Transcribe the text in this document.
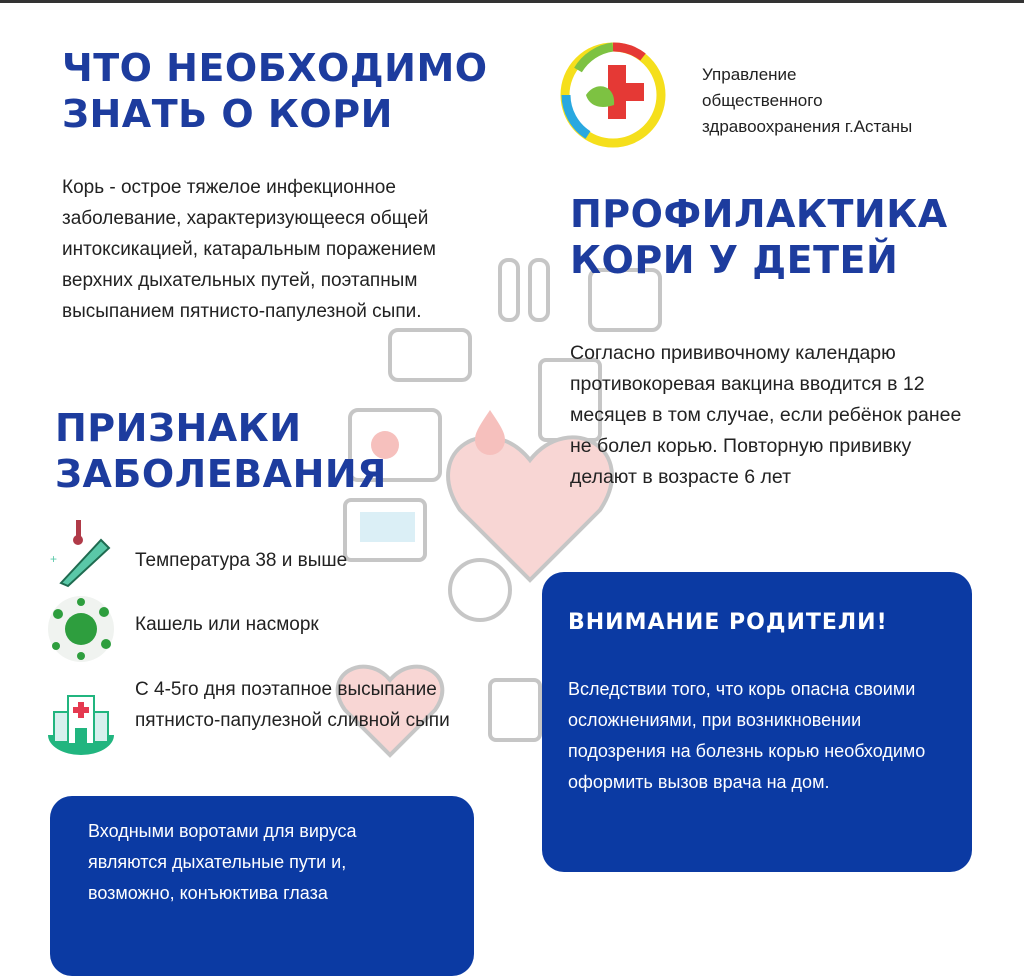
ЧТО НЕОБХОДИМО
ЗНАТЬ О КОРИ
Корь - острое тяжелое инфекционное заболевание, характеризующееся общей интоксикацией, катаральным поражением верхних дыхательных путей, поэтапным высыпанием пятнисто-папулезной сыпи.
Управление
общественного
здравоохранения г.Астаны
ПРОФИЛАКТИКА
КОРИ У ДЕТЕЙ
Согласно прививочному календарю противокоревая вакцина вводится в 12 месяцев в том случае, если ребёнок ранее не болел корью. Повторную прививку делают в возрасте 6 лет
ПРИЗНАКИ
ЗАБОЛЕВАНИЯ
+	Температура 38 и выше
Кашель или насморк
С 4-5го дня поэтапное высыпание пятнисто-папулезной сливной сыпи
ВНИМАНИЕ РОДИТЕЛИ!
Вследствии того, что корь опасна своими осложнениями, при возникновении подозрения на болезнь корью необходимо оформить вызов врача на дом.
Входными воротами для вируса являются дыхательные пути и, возможно, конъюктива глаза
